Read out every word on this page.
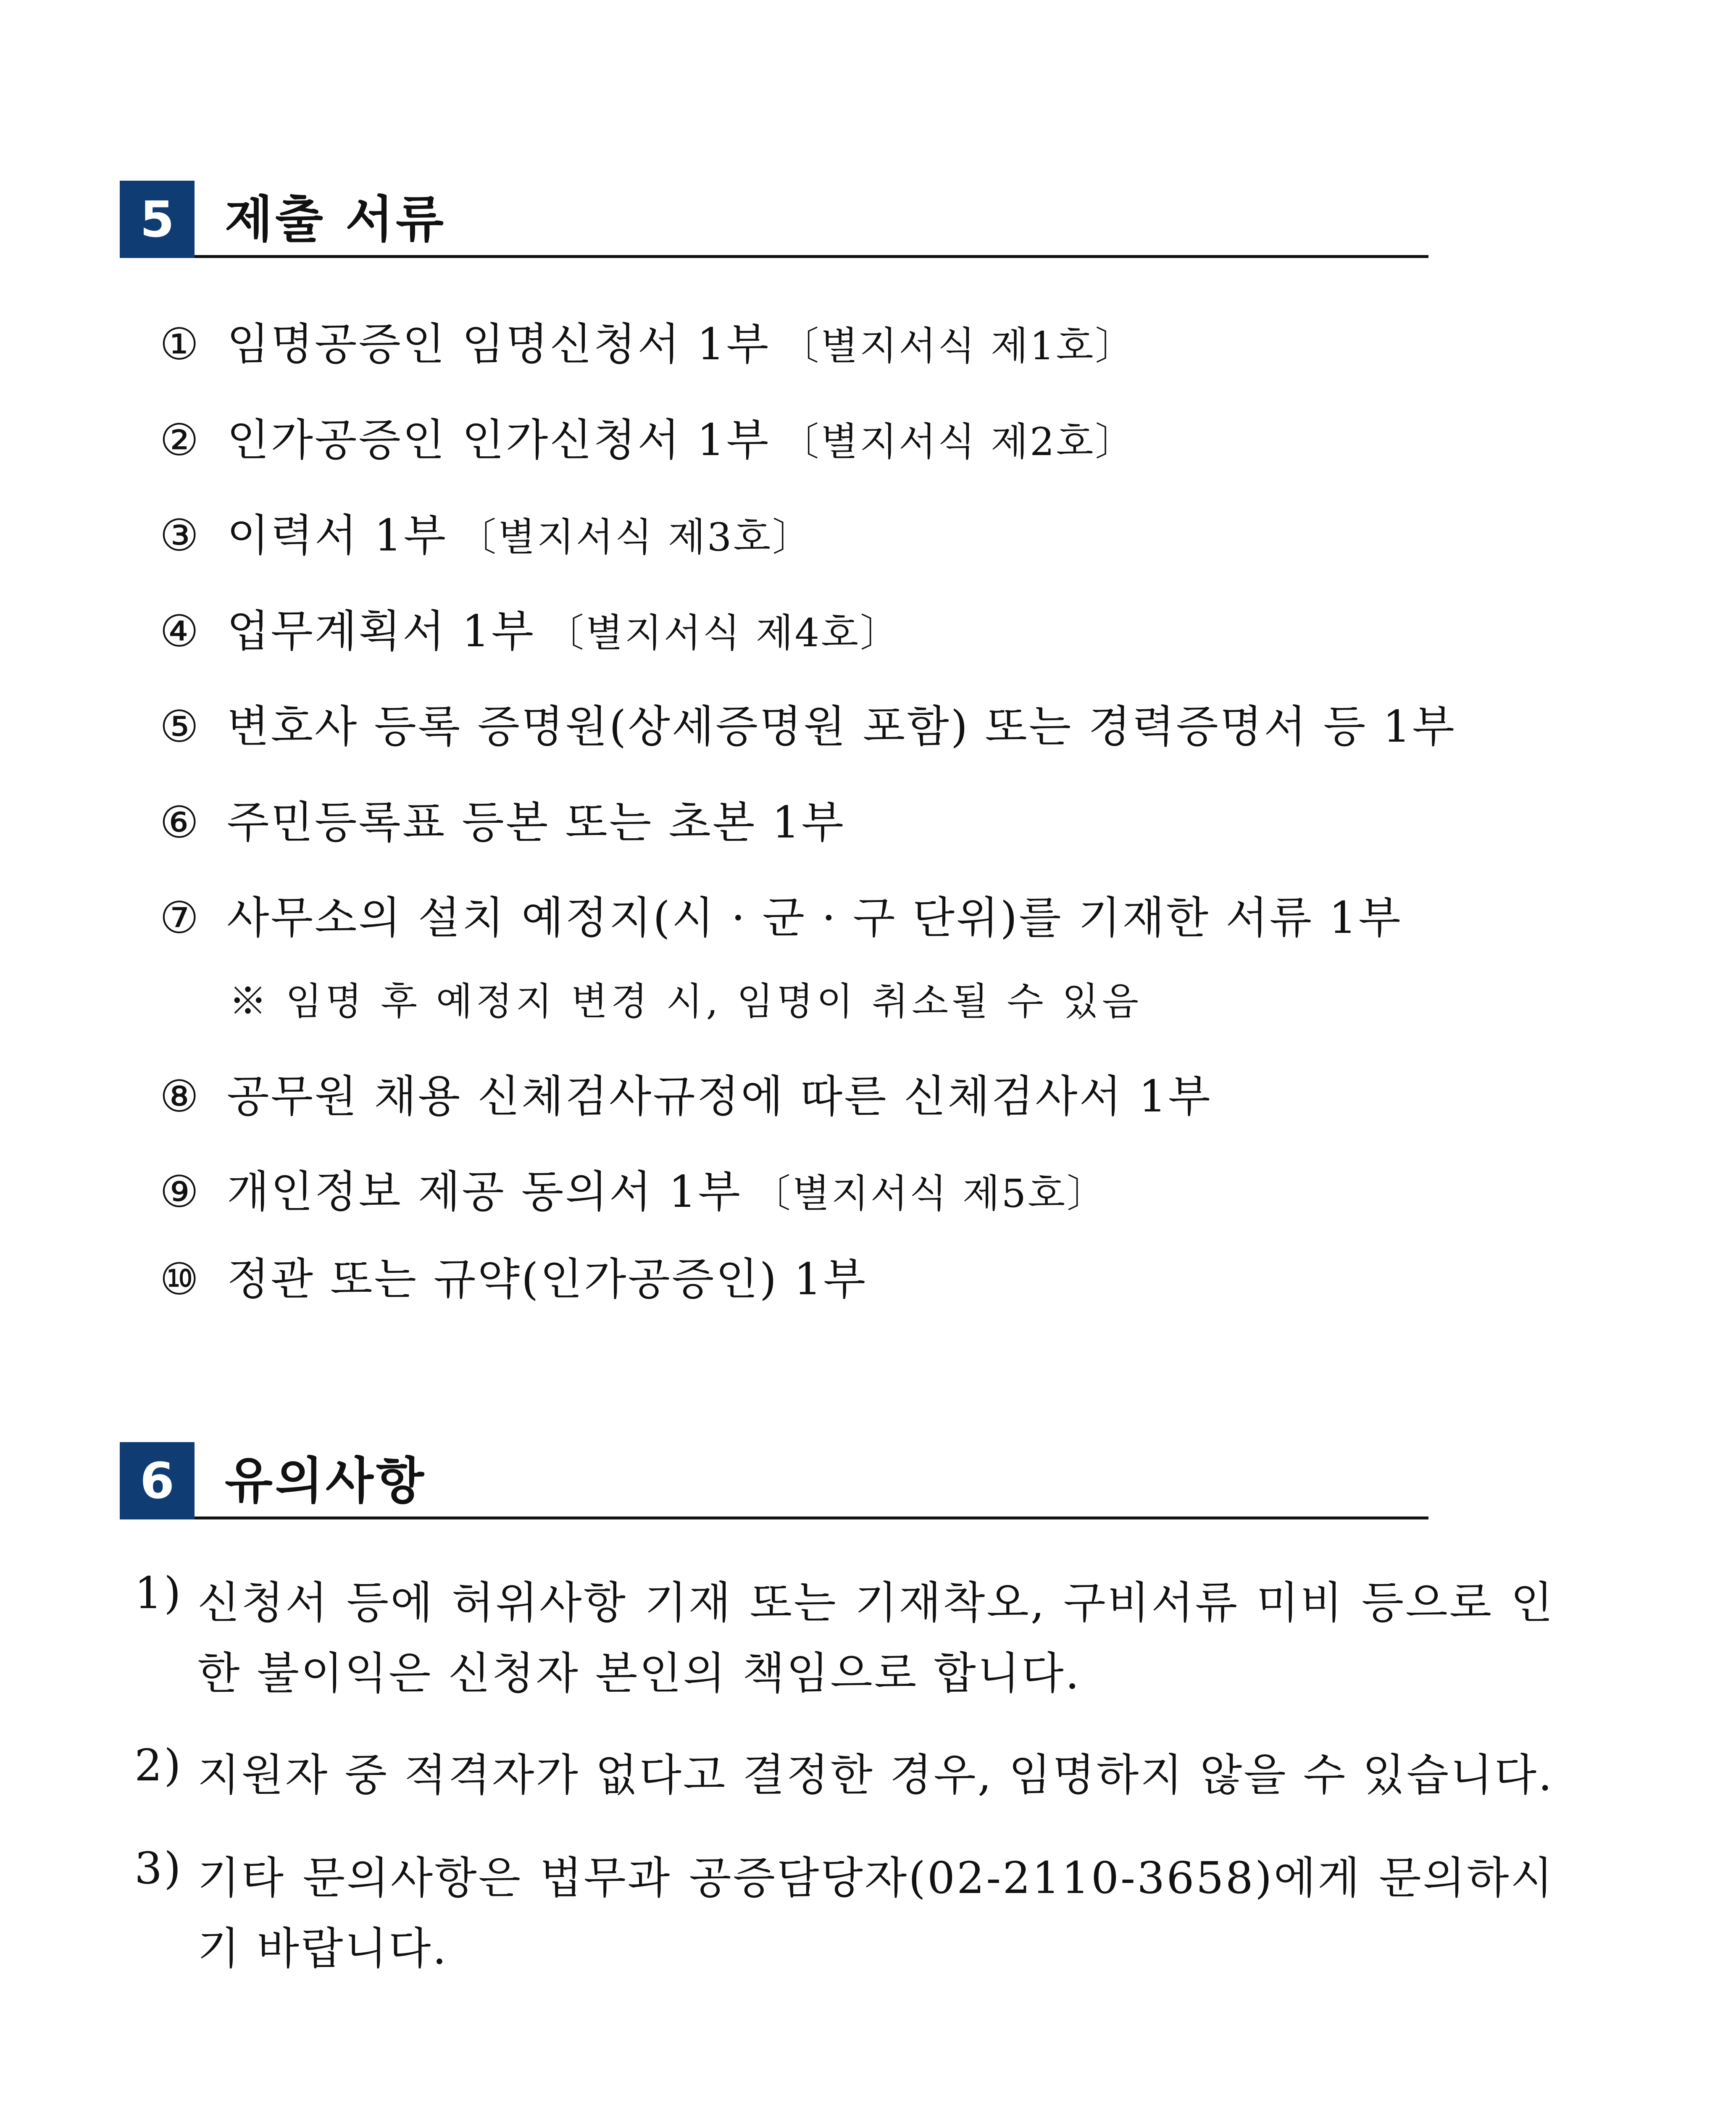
5	제출 서류
① 임명공증인 임명신청서 1부 〔별지서식 제1호〕
② 인가공증인 인가신청서 1부 〔별지서식 제2호〕
③ 이력서 1부 〔별지서식 제3호〕
④ 업무계획서 1부 〔별지서식 제4호〕
⑤ 변호사 등록 증명원(상세증명원 포함) 또는 경력증명서 등 1부
⑥ 주민등록표 등본 또는 초본 1부
⑦ 사무소의 설치 예정지(시 · 군 · 구 단위)를 기재한 서류 1부
※ 임명 후 예정지 변경 시, 임명이 취소될 수 있음
⑧ 공무원 채용 신체검사규정에 따른 신체검사서 1부
⑨ 개인정보 제공 동의서 1부 〔별지서식 제5호〕
⑩ 정관 또는 규약(인가공증인) 1부
6	유의사항
1) 신청서 등에 허위사항 기재 또는 기재착오, 구비서류 미비 등으로 인한 불이익은 신청자 본인의 책임으로 합니다.
2) 지원자 중 적격자가 없다고 결정한 경우, 임명하지 않을 수 있습니다.
3) 기타 문의사항은 법무과 공증담당자(02-2110-3658)에게 문의하시기 바랍니다.
